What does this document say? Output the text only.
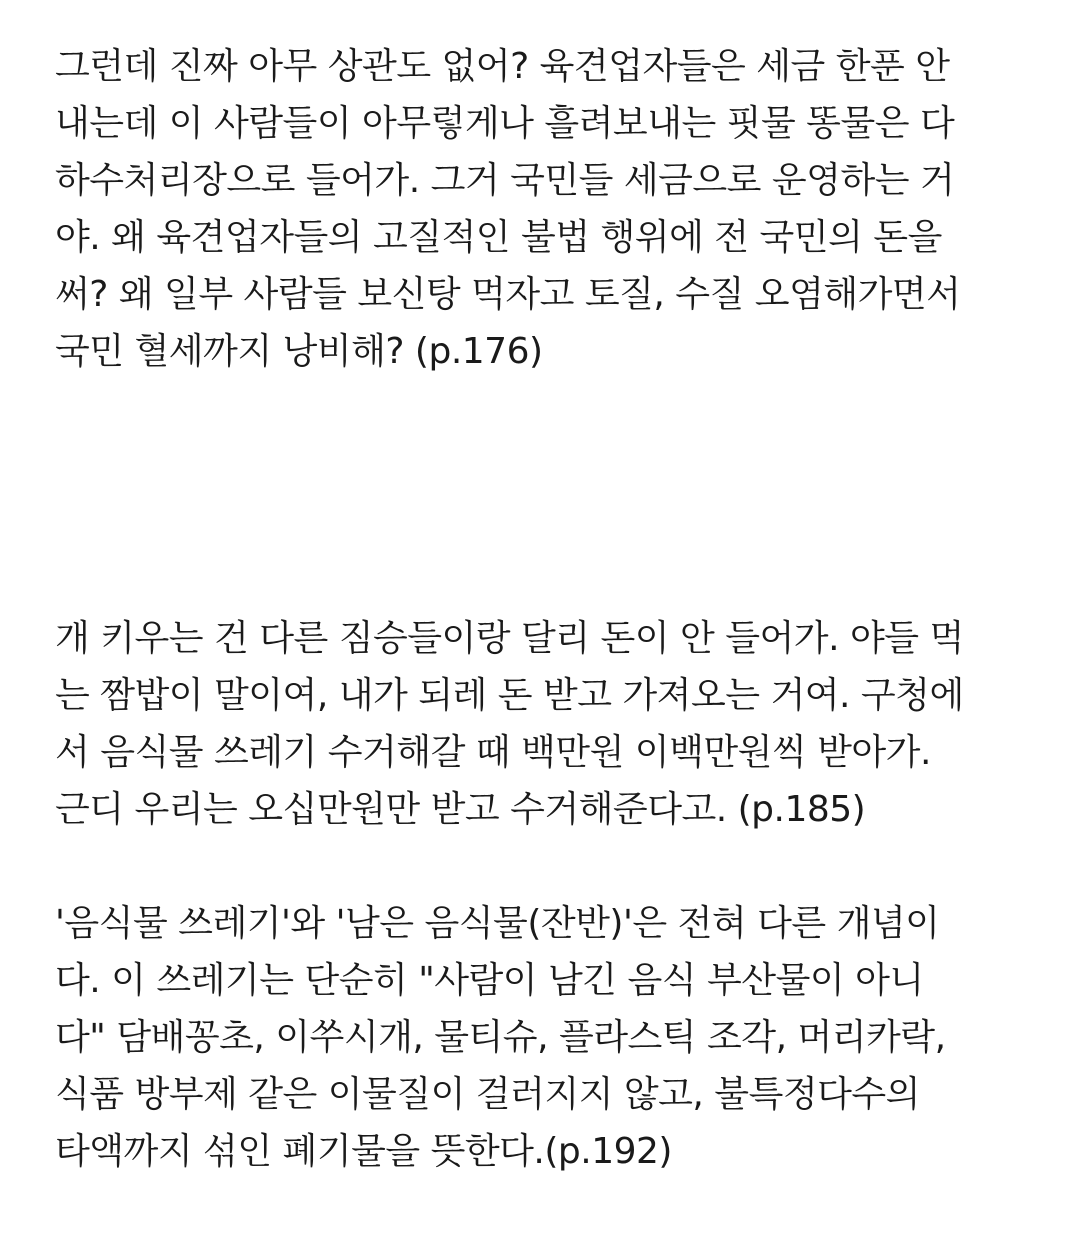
그런데 진짜 아무 상관도 없어? 육견업자들은 세금 한푼 안
내는데 이 사람들이 아무렇게나 흘려보내는 핏물 똥물은 다
하수처리장으로 들어가. 그거 국민들 세금으로 운영하는 거
야. 왜 육견업자들의 고질적인 불법 행위에 전 국민의 돈을
써? 왜 일부 사람들 보신탕 먹자고 토질, 수질 오염해가면서
국민 혈세까지 낭비해? (p.176)

개 키우는 건 다른 짐승들이랑 달리 돈이 안 들어가. 야들 먹
는 짬밥이 말이여, 내가 되레 돈 받고 가져오는 거여. 구청에
서 음식물 쓰레기 수거해갈 때 백만원 이백만원씩 받아가.
근디 우리는 오십만원만 받고 수거해준다고. (p.185)

'음식물 쓰레기'와 '남은 음식물(잔반)'은 전혀 다른 개념이
다. 이 쓰레기는 단순히 "사람이 남긴 음식 부산물이 아니
다" 담배꽁초, 이쑤시개, 물티슈, 플라스틱 조각, 머리카락,
식품 방부제 같은 이물질이 걸러지지 않고, 불특정다수의
타액까지 섞인 폐기물을 뜻한다.(p.192)
